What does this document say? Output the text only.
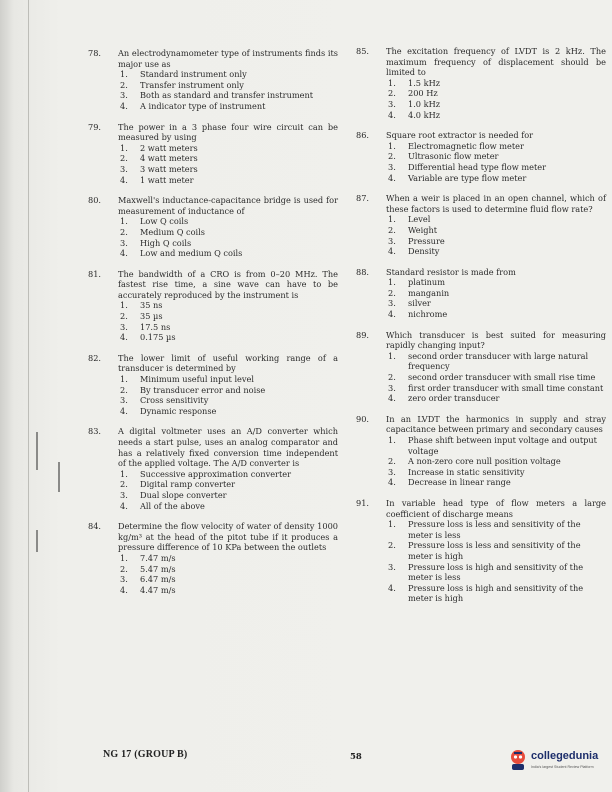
78. An electrodynamometer type of instruments finds its major use as
1. Standard instrument only
2. Transfer instrument only
3. Both as standard and transfer instrument
4. A indicator type of instrument
79. The power in a 3 phase four wire circuit can be measured by using
1. 2 watt meters
2. 4 watt meters
3. 3 watt meters
4. 1 watt meter
80. Maxwell's inductance-capacitance bridge is used for measurement of inductance of
1. Low Q coils
2. Medium Q coils
3. High Q coils
4. Low and medium Q coils
81. The bandwidth of a CRO is from 0–20 MHz. The fastest rise time, a sine wave can have to be accurately reproduced by the instrument is
1. 35 ns
2. 35 µs
3. 17.5 ns
4. 0.175 µs
82. The lower limit of useful working range of a transducer is determined by
1. Minimum useful input level
2. By transducer error and noise
3. Cross sensitivity
4. Dynamic response
83. A digital voltmeter uses an A/D converter which needs a start pulse, uses an analog comparator and has a relatively fixed conversion time independent of the applied voltage. The A/D converter is
1. Successive approximation converter
2. Digital ramp converter
3. Dual slope converter
4. All of the above
84. Determine the flow velocity of water of density 1000 kg/m³ at the head of the pitot tube if it produces a pressure difference of 10 KPa between the outlets
1. 7.47 m/s
2. 5.47 m/s
3. 6.47 m/s
4. 4.47 m/s
85. The excitation frequency of LVDT is 2 kHz. The maximum frequency of displacement should be limited to
1. 1.5 kHz
2. 200 Hz
3. 1.0 kHz
4. 4.0 kHz
86. Square root extractor is needed for
1. Electromagnetic flow meter
2. Ultrasonic flow meter
3. Differential head type flow meter
4. Variable are type flow meter
87. When a weir is placed in an open channel, which of these factors is used to determine fluid flow rate?
1. Level
2. Weight
3. Pressure
4. Density
88. Standard resistor is made from
1. platinum
2. manganin
3. silver
4. nichrome
89. Which transducer is best suited for measuring rapidly changing input?
1. second order transducer with large natural frequency
2. second order transducer with small rise time
3. first order transducer with small time constant
4. zero order transducer
90. In an LVDT the harmonics in supply and stray capacitance between primary and secondary causes
1. Phase shift between input voltage and output voltage
2. A non-zero core null position voltage
3. Increase in static sensitivity
4. Decrease in linear range
91. In variable head type of flow meters a large coefficient of discharge means
1. Pressure loss is less and sensitivity of the meter is less
2. Pressure loss is less and sensitivity of the meter is high
3. Pressure loss is high and sensitivity of the meter is less
4. Pressure loss is high and sensitivity of the meter is high
NG 17 (GROUP B)	58	collegedunia
India's largest Student Review Platform
